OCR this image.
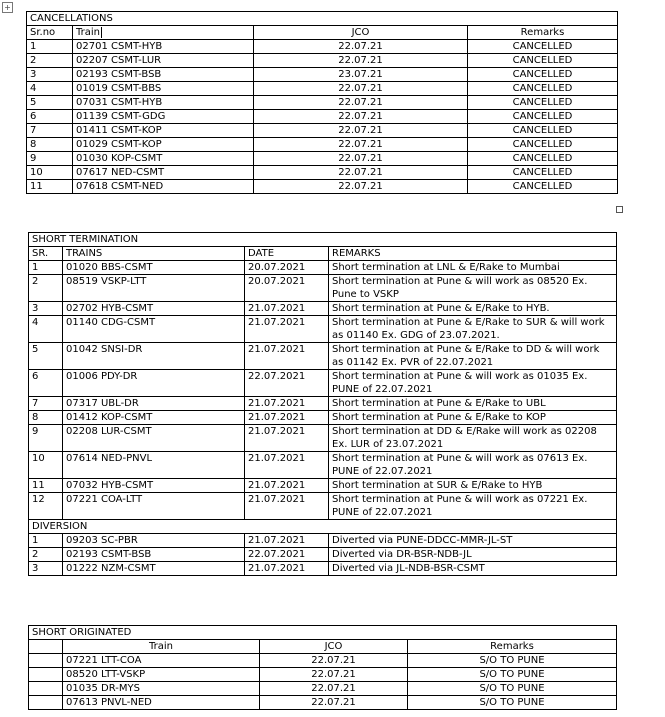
+
CANCELLATIONS			
Sr.no	Train	JCO	Remarks
1	02701 CSMT-HYB	22.07.21	CANCELLED
2	02207 CSMT-LUR	22.07.21	CANCELLED
3	02193 CSMT-BSB	23.07.21	CANCELLED
4	01019 CSMT-BBS	22.07.21	CANCELLED
5	07031 CSMT-HYB	22.07.21	CANCELLED
6	01139 CSMT-GDG	22.07.21	CANCELLED
7	01411 CSMT-KOP	22.07.21	CANCELLED
8	01029 CSMT-KOP	22.07.21	CANCELLED
9	01030 KOP-CSMT	22.07.21	CANCELLED
10	07617 NED-CSMT	22.07.21	CANCELLED
11	07618 CSMT-NED	22.07.21	CANCELLED
SHORT TERMINATION			
SR.	TRAINS	DATE	REMARKS
1	01020 BBS-CSMT	20.07.2021	Short termination at LNL & E/Rake to Mumbai
2	08519 VSKP-LTT	20.07.2021	Short termination at Pune & will work as 08520 Ex. Pune to VSKP
3	02702 HYB-CSMT	21.07.2021	Short termination at Pune & E/Rake to HYB.
4	01140 CDG-CSMT	21.07.2021	Short termination at Pune & E/Rake to SUR & will work as 01140 Ex. GDG of 23.07.2021.
5	01042 SNSI-DR	21.07.2021	Short termination at Pune & E/Rake to DD & will work as 01142 Ex. PVR of 22.07.2021
6	01006 PDY-DR	22.07.2021	Short termination at Pune & will work as 01035 Ex. PUNE of 22.07.2021
7	07317 UBL-DR	21.07.2021	Short termination at Pune & E/Rake to UBL
8	01412 KOP-CSMT	21.07.2021	Short termination at Pune & E/Rake to KOP
9	02208 LUR-CSMT	21.07.2021	Short termination at DD & E/Rake will work as 02208 Ex. LUR of 23.07.2021
10	07614 NED-PNVL	21.07.2021	Short termination at Pune & will work as 07613 Ex. PUNE of 22.07.2021
11	07032 HYB-CSMT	21.07.2021	Short termination at SUR & E/Rake to HYB
12	07221 COA-LTT	21.07.2021	Short termination at Pune & will work as 07221 Ex. PUNE of 22.07.2021
DIVERSION			
1	09203 SC-PBR	21.07.2021	Diverted via PUNE-DDCC-MMR-JL-ST
2	02193 CSMT-BSB	22.07.2021	Diverted via DR-BSR-NDB-JL
3	01222 NZM-CSMT	21.07.2021	Diverted via JL-NDB-BSR-CSMT
SHORT ORIGINATED			
	Train	JCO	Remarks
	07221 LTT-COA	22.07.21	S/O TO PUNE
	08520 LTT-VSKP	22.07.21	S/O TO PUNE
	01035 DR-MYS	22.07.21	S/O TO PUNE
	07613 PNVL-NED	22.07.21	S/O TO PUNE
